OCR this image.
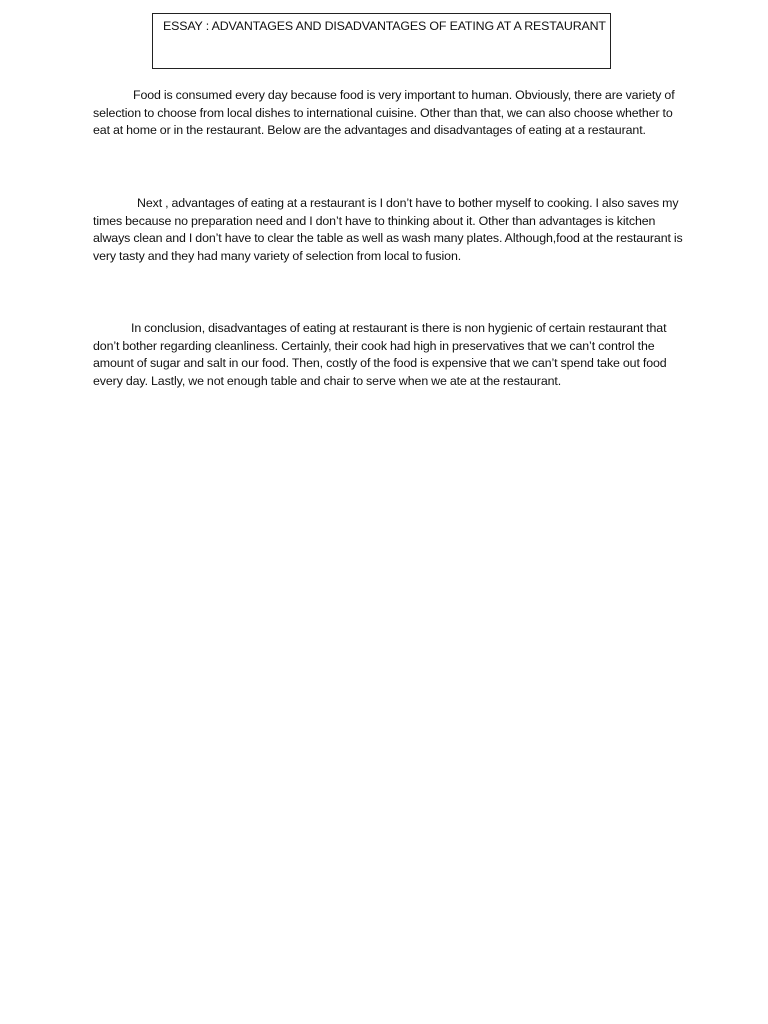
ESSAY : ADVANTAGES AND DISADVANTAGES OF EATING AT A RESTAURANT

Food is consumed every day because food is very important to human. Obviously, there are variety of selection to choose from local dishes to international cuisine. Other than that, we can also choose whether to eat at home or in the restaurant. Below are the advantages and disadvantages of eating at a restaurant.

Next , advantages of eating at a restaurant is I don’t have to bother myself to cooking. I also saves my times because no preparation need and I don’t have to thinking about it. Other than advantages is kitchen always clean and I don’t have to clear the table as well as wash many plates. Although,food at the restaurant is very tasty and they had many variety of selection from local to fusion.

In conclusion, disadvantages of eating at restaurant is there is non hygienic of certain restaurant that don’t bother regarding cleanliness. Certainly, their cook had high in preservatives that we can’t control the amount of sugar and salt in our food. Then, costly of the food is expensive that we can’t spend take out food every day. Lastly, we not enough table and chair to serve when we ate at the restaurant.
